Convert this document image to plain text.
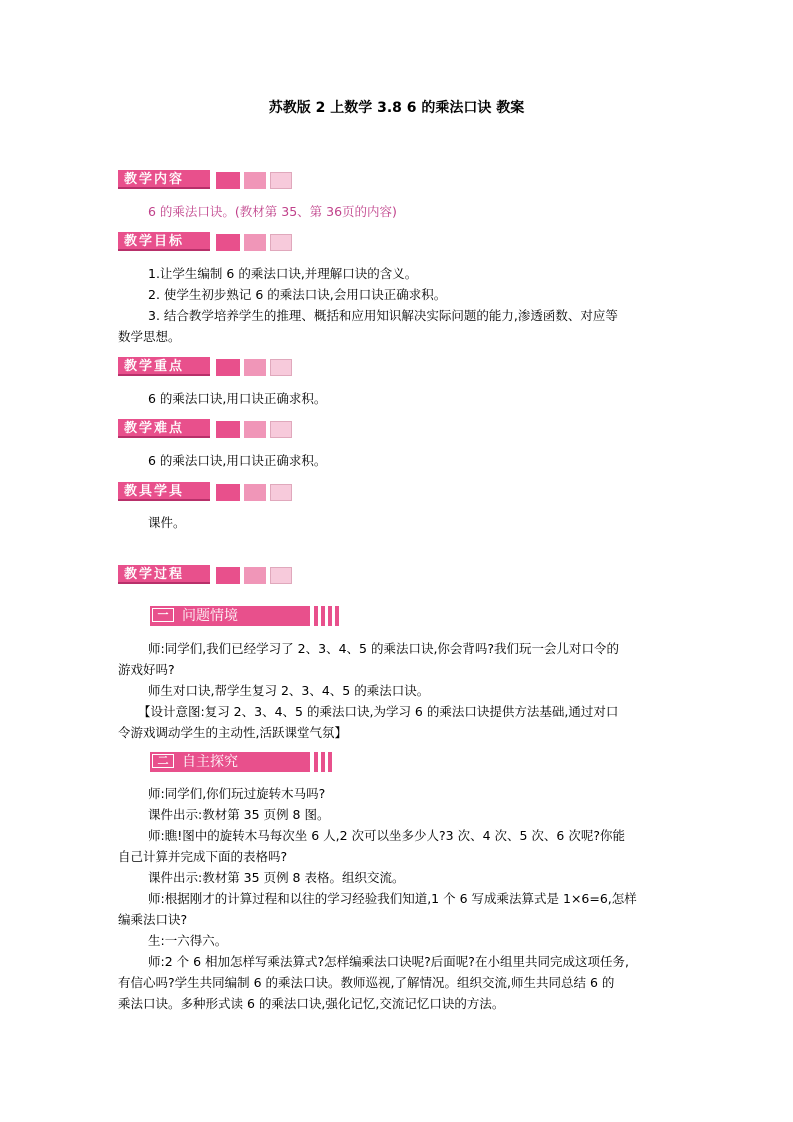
苏教版 2 上数学 3.8 6 的乘法口诀 教案
教学内容
6 的乘法口诀。(教材第 35、第 36页的内容)
教学目标
1.让学生编制 6 的乘法口诀,并理解口诀的含义。
2. 使学生初步熟记 6 的乘法口诀,会用口诀正确求积。
3. 结合教学培养学生的推理、概括和应用知识解决实际问题的能力,渗透函数、对应等
数学思想。
教学重点
6 的乘法口诀,用口诀正确求积。
教学难点
6 的乘法口诀,用口诀正确求积。
教具学具
课件。
教学过程
一 问题情境
师:同学们,我们已经学习了 2、3、4、5 的乘法口诀,你会背吗?我们玩一会儿对口令的
游戏好吗?
师生对口诀,帮学生复习 2、3、4、5 的乘法口诀。
【设计意图:复习 2、3、4、5 的乘法口诀,为学习 6 的乘法口诀提供方法基础,通过对口
令游戏调动学生的主动性,活跃课堂气氛】
二 自主探究
师:同学们,你们玩过旋转木马吗?
课件出示:教材第 35 页例 8 图。
师:瞧!图中的旋转木马每次坐 6 人,2 次可以坐多少人?3 次、4 次、5 次、6 次呢?你能
自己计算并完成下面的表格吗?
课件出示:教材第 35 页例 8 表格。组织交流。
师:根据刚才的计算过程和以往的学习经验我们知道,1 个 6 写成乘法算式是 1×6=6,怎样
编乘法口诀?
生:一六得六。
师:2 个 6 相加怎样写乘法算式?怎样编乘法口诀呢?后面呢?在小组里共同完成这项任务,
有信心吗?学生共同编制 6 的乘法口诀。教师巡视,了解情况。组织交流,师生共同总结 6 的
乘法口诀。多种形式读 6 的乘法口诀,强化记忆,交流记忆口诀的方法。
